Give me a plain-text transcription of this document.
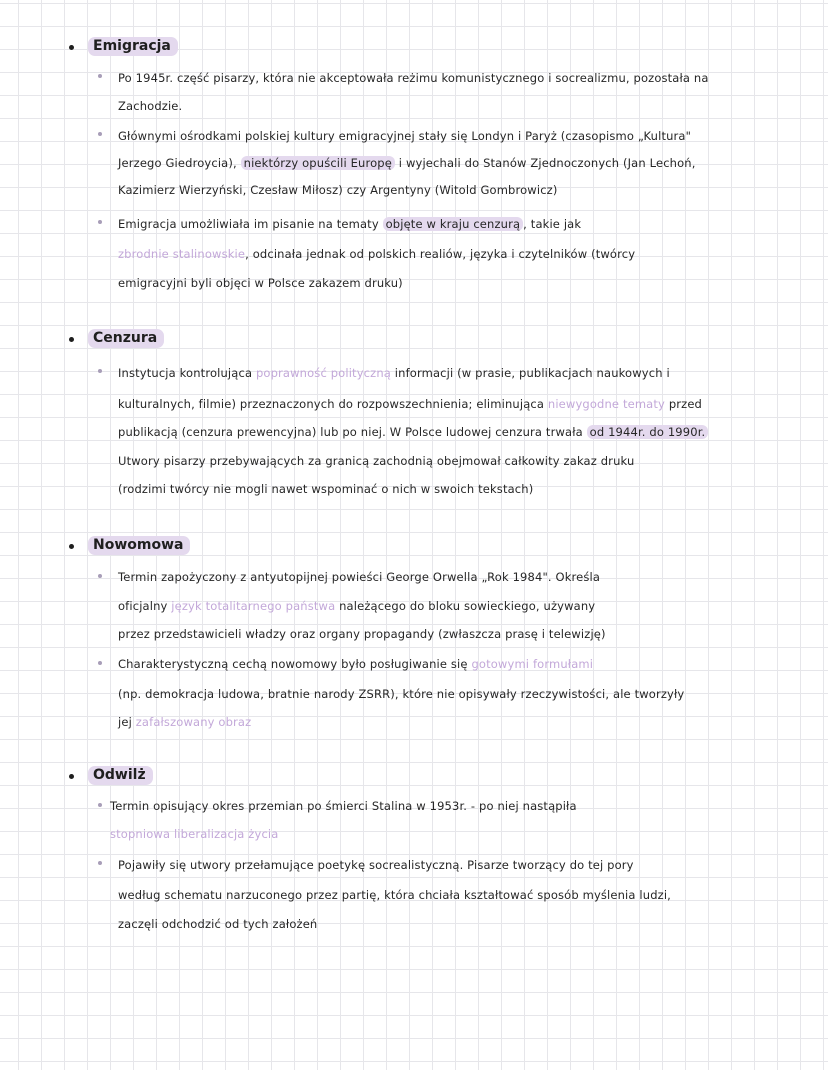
Emigracja
Po 1945r. część pisarzy, która nie akceptowała reżimu komunistycznego i socrealizmu, pozostała na
Zachodzie.
Głównymi ośrodkami polskiej kultury emigracyjnej stały się Londyn i Paryż (czasopismo „Kultura"
Jerzego Giedroycia), niektórzy opuścili Europę i wyjechali do Stanów Zjednoczonych (Jan Lechoń,
Kazimierz Wierzyński, Czesław Miłosz) czy Argentyny (Witold Gombrowicz)
Emigracja umożliwiała im pisanie na tematy objęte w kraju cenzurą , takie jak
zbrodnie stalinowskie, odcinała jednak od polskich realiów, języka i czytelników (twórcy
emigracyjni byli objęci w Polsce zakazem druku)
Cenzura
Instytucja kontrolująca poprawność polityczną informacji (w prasie, publikacjach naukowych i
kulturalnych, filmie) przeznaczonych do rozpowszechnienia; eliminująca niewygodne tematy przed
publikacją (cenzura prewencyjna) lub po niej. W Polsce ludowej cenzura trwała od 1944r. do 1990r.
Utwory pisarzy przebywających za granicą zachodnią obejmował całkowity zakaz druku
(rodzimi twórcy nie mogli nawet wspominać o nich w swoich tekstach)
Nowomowa
Termin zapożyczony z antyutopijnej powieści George Orwella „Rok 1984". Określa
oficjalny język totalitarnego państwa należącego do bloku sowieckiego, używany
przez przedstawicieli władzy oraz organy propagandy (zwłaszcza prasę i telewizję)
Charakterystyczną cechą nowomowy było posługiwanie się gotowymi formułami
(np. demokracja ludowa, bratnie narody ZSRR), które nie opisywały rzeczywistości, ale tworzyły
jej zafałszowany obraz
Odwilż
Termin opisujący okres przemian po śmierci Stalina w 1953r. - po niej nastąpiła
stopniowa liberalizacja życia
Pojawiły się utwory przełamujące poetykę socrealistyczną. Pisarze tworzący do tej pory
według schematu narzuconego przez partię, która chciała kształtować sposób myślenia ludzi,
zaczęli odchodzić od tych założeń
